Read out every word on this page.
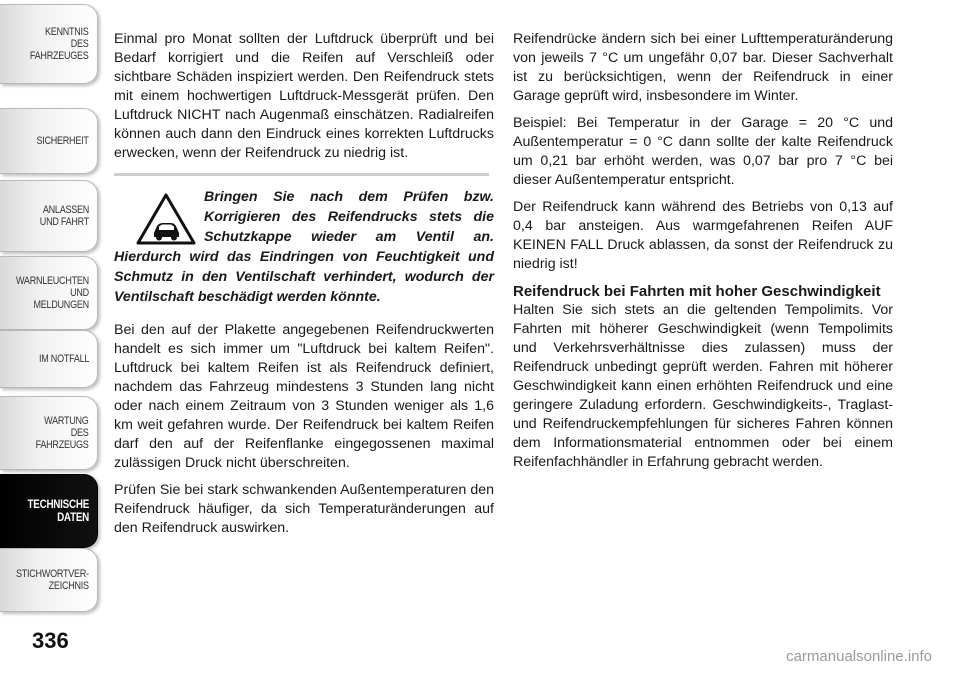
KENNTNIS
DES
FAHRZEUGES
SICHERHEIT
ANLASSEN
UND FAHRT
WARNLEUCHTEN
UND
MELDUNGEN
IM NOTFALL
WARTUNG
DES
FAHRZEUGS
TECHNISCHE
DATEN
STICHWORTVER-
ZEICHNIS
336

Einmal pro Monat sollten der Luftdruck überprüft und bei Bedarf korrigiert und die Reifen auf Verschleiß oder sichtbare Schäden inspiziert werden. Den Reifendruck stets mit einem hochwertigen Luftdruck-Messgerät prüfen. Den Luftdruck NICHT nach Augenmaß einschätzen. Radialreifen können auch dann den Eindruck eines korrekten Luftdrucks erwecken, wenn der Reifendruck zu niedrig ist.

Bringen Sie nach dem Prüfen bzw. Korrigieren des Reifendrucks stets die Schutzkappe wieder am Ventil an. Hierdurch wird das Eindringen von Feuchtigkeit und Schmutz in den Ventilschaft verhindert, wodurch der Ventilschaft beschädigt werden könnte.

Bei den auf der Plakette angegebenen Reifendruckwerten handelt es sich immer um "Luftdruck bei kaltem Reifen". Luftdruck bei kaltem Reifen ist als Reifendruck definiert, nachdem das Fahrzeug mindestens 3 Stunden lang nicht oder nach einem Zeitraum von 3 Stunden weniger als 1,6 km weit gefahren wurde. Der Reifendruck bei kaltem Reifen darf den auf der Reifenflanke eingegossenen maximal zulässigen Druck nicht überschreiten.

Prüfen Sie bei stark schwankenden Außentemperaturen den Reifendruck häufiger, da sich Temperaturänderungen auf den Reifendruck auswirken.

Reifendrücke ändern sich bei einer Lufttemperaturänderung von jeweils 7 °C um ungefähr 0,07 bar. Dieser Sachverhalt ist zu berücksichtigen, wenn der Reifendruck in einer Garage geprüft wird, insbesondere im Winter.

Beispiel: Bei Temperatur in der Garage = 20 °C und Außentemperatur = 0 °C dann sollte der kalte Reifendruck um 0,21 bar erhöht werden, was 0,07 bar pro 7 °C bei dieser Außentemperatur entspricht.

Der Reifendruck kann während des Betriebs von 0,13 auf 0,4 bar ansteigen. Aus warmgefahrenen Reifen AUF KEINEN FALL Druck ablassen, da sonst der Reifendruck zu niedrig ist!

Reifendruck bei Fahrten mit hoher Geschwindigkeit

Halten Sie sich stets an die geltenden Tempolimits. Vor Fahrten mit höherer Geschwindigkeit (wenn Tempolimits und Verkehrsverhältnisse dies zulassen) muss der Reifendruck unbedingt geprüft werden. Fahren mit höherer Geschwindigkeit kann einen erhöhten Reifendruck und eine geringere Zuladung erfordern. Geschwindigkeits-, Traglast- und Reifendruckempfehlungen für sicheres Fahren können dem Informationsmaterial entnommen oder bei einem Reifenfachhändler in Erfahrung gebracht werden.

carmanualsonline.info
